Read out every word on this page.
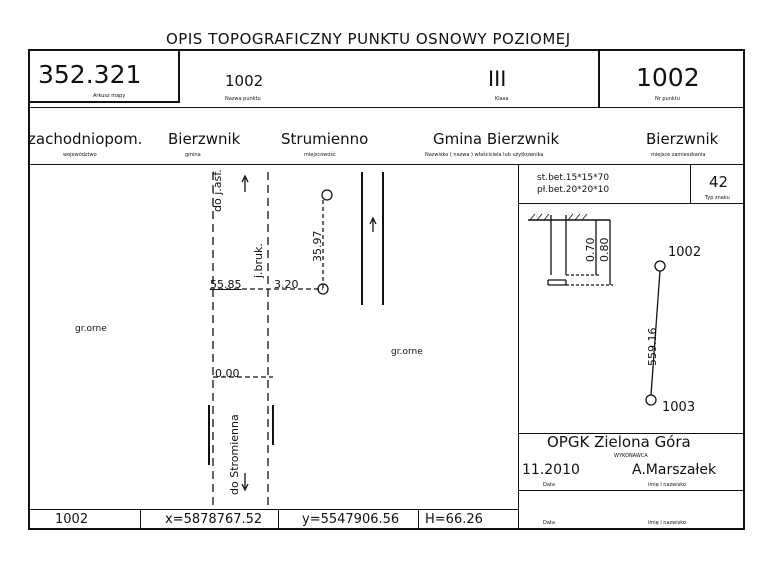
OPIS TOPOGRAFICZNY PUNKTU OSNOWY POZIOMEJ
352.321
Arkusz mapy
1002
Nazwa punktu
III
Klasa
1002
Nr punktu
zachodniopom.
województwo
Bierzwnik
gmina
Strumienno
miejscowość
Gmina Bierzwnik
Nazwisko ( nazwa ) właściciela lub użytkownika
Bierzwnik
miejsce zamieszkania
do j.asf.
j.bruk.
do Stromienna
35.97
55.85	3.20
0.00
gr.orne
gr.orne
st.bet.15*15*70
pł.bet.20*20*10	42
Typ znaku
0.70 0.80	1002
1003
559.16
OPGK Zielona Góra
WYKONAWCA
11.2010
Data
A.Marszałek
imię i nazwisko
Data	imię i nazwisko
1002	x=5878767.52	y=5547906.56 H=66.26
